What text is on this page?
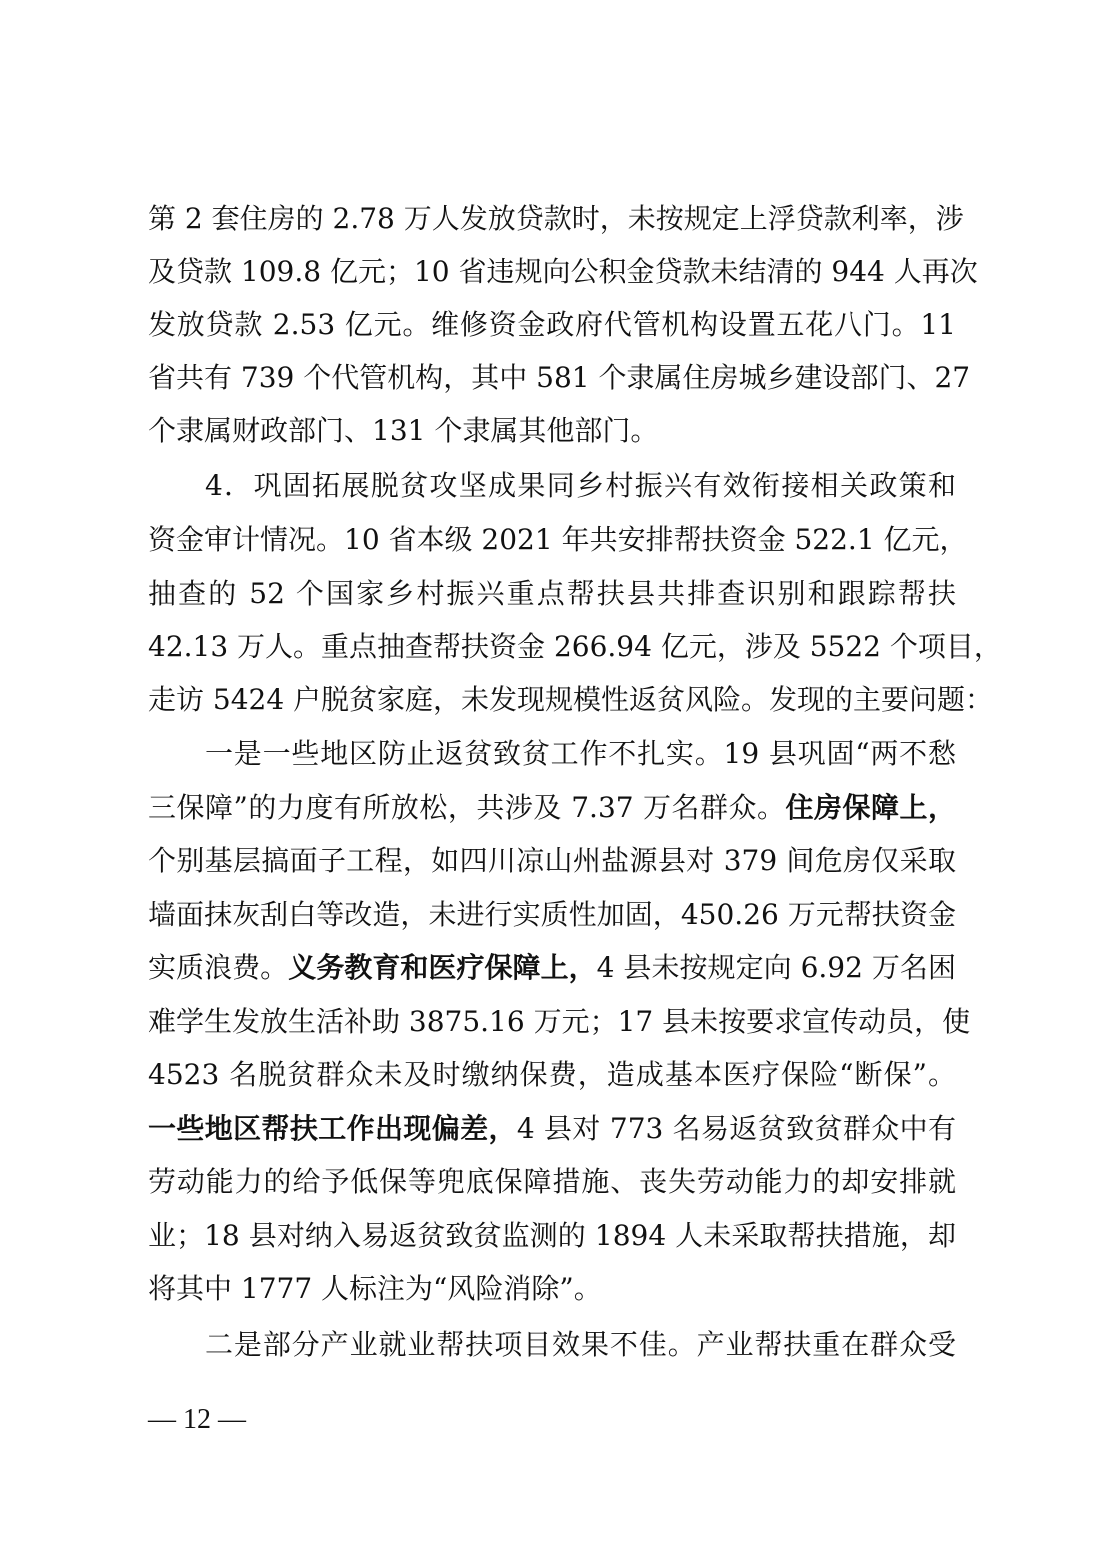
第 2 套住房的 2.78 万人发放贷款时，未按规定上浮贷款利率，涉
及贷款 109.8 亿元；10 省违规向公积金贷款未结清的 944 人再次
发放贷款 2.53 亿元。维修资金政府代管机构设置五花八门。11
省共有 739 个代管机构，其中 581 个隶属住房城乡建设部门、27
个隶属财政部门、131 个隶属其他部门。
4．巩固拓展脱贫攻坚成果同乡村振兴有效衔接相关政策和
资金审计情况。10 省本级 2021 年共安排帮扶资金 522.1 亿元，
抽查的 52 个国家乡村振兴重点帮扶县共排查识别和跟踪帮扶
42.13 万人。重点抽查帮扶资金 266.94 亿元，涉及 5522 个项目，
走访 5424 户脱贫家庭，未发现规模性返贫风险。发现的主要问题：
一是一些地区防止返贫致贫工作不扎实。19 县巩固“两不愁
三保障”的力度有所放松，共涉及 7.37 万名群众。住房保障上，
个别基层搞面子工程，如四川凉山州盐源县对 379 间危房仅采取
墙面抹灰刮白等改造，未进行实质性加固，450.26 万元帮扶资金
实质浪费。义务教育和医疗保障上，4 县未按规定向 6.92 万名困
难学生发放生活补助 3875.16 万元；17 县未按要求宣传动员，使
4523 名脱贫群众未及时缴纳保费，造成基本医疗保险“断保”。
一些地区帮扶工作出现偏差，4 县对 773 名易返贫致贫群众中有
劳动能力的给予低保等兜底保障措施、丧失劳动能力的却安排就
业；18 县对纳入易返贫致贫监测的 1894 人未采取帮扶措施，却
将其中 1777 人标注为“风险消除”。
二是部分产业就业帮扶项目效果不佳。产业帮扶重在群众受
— 12 —
